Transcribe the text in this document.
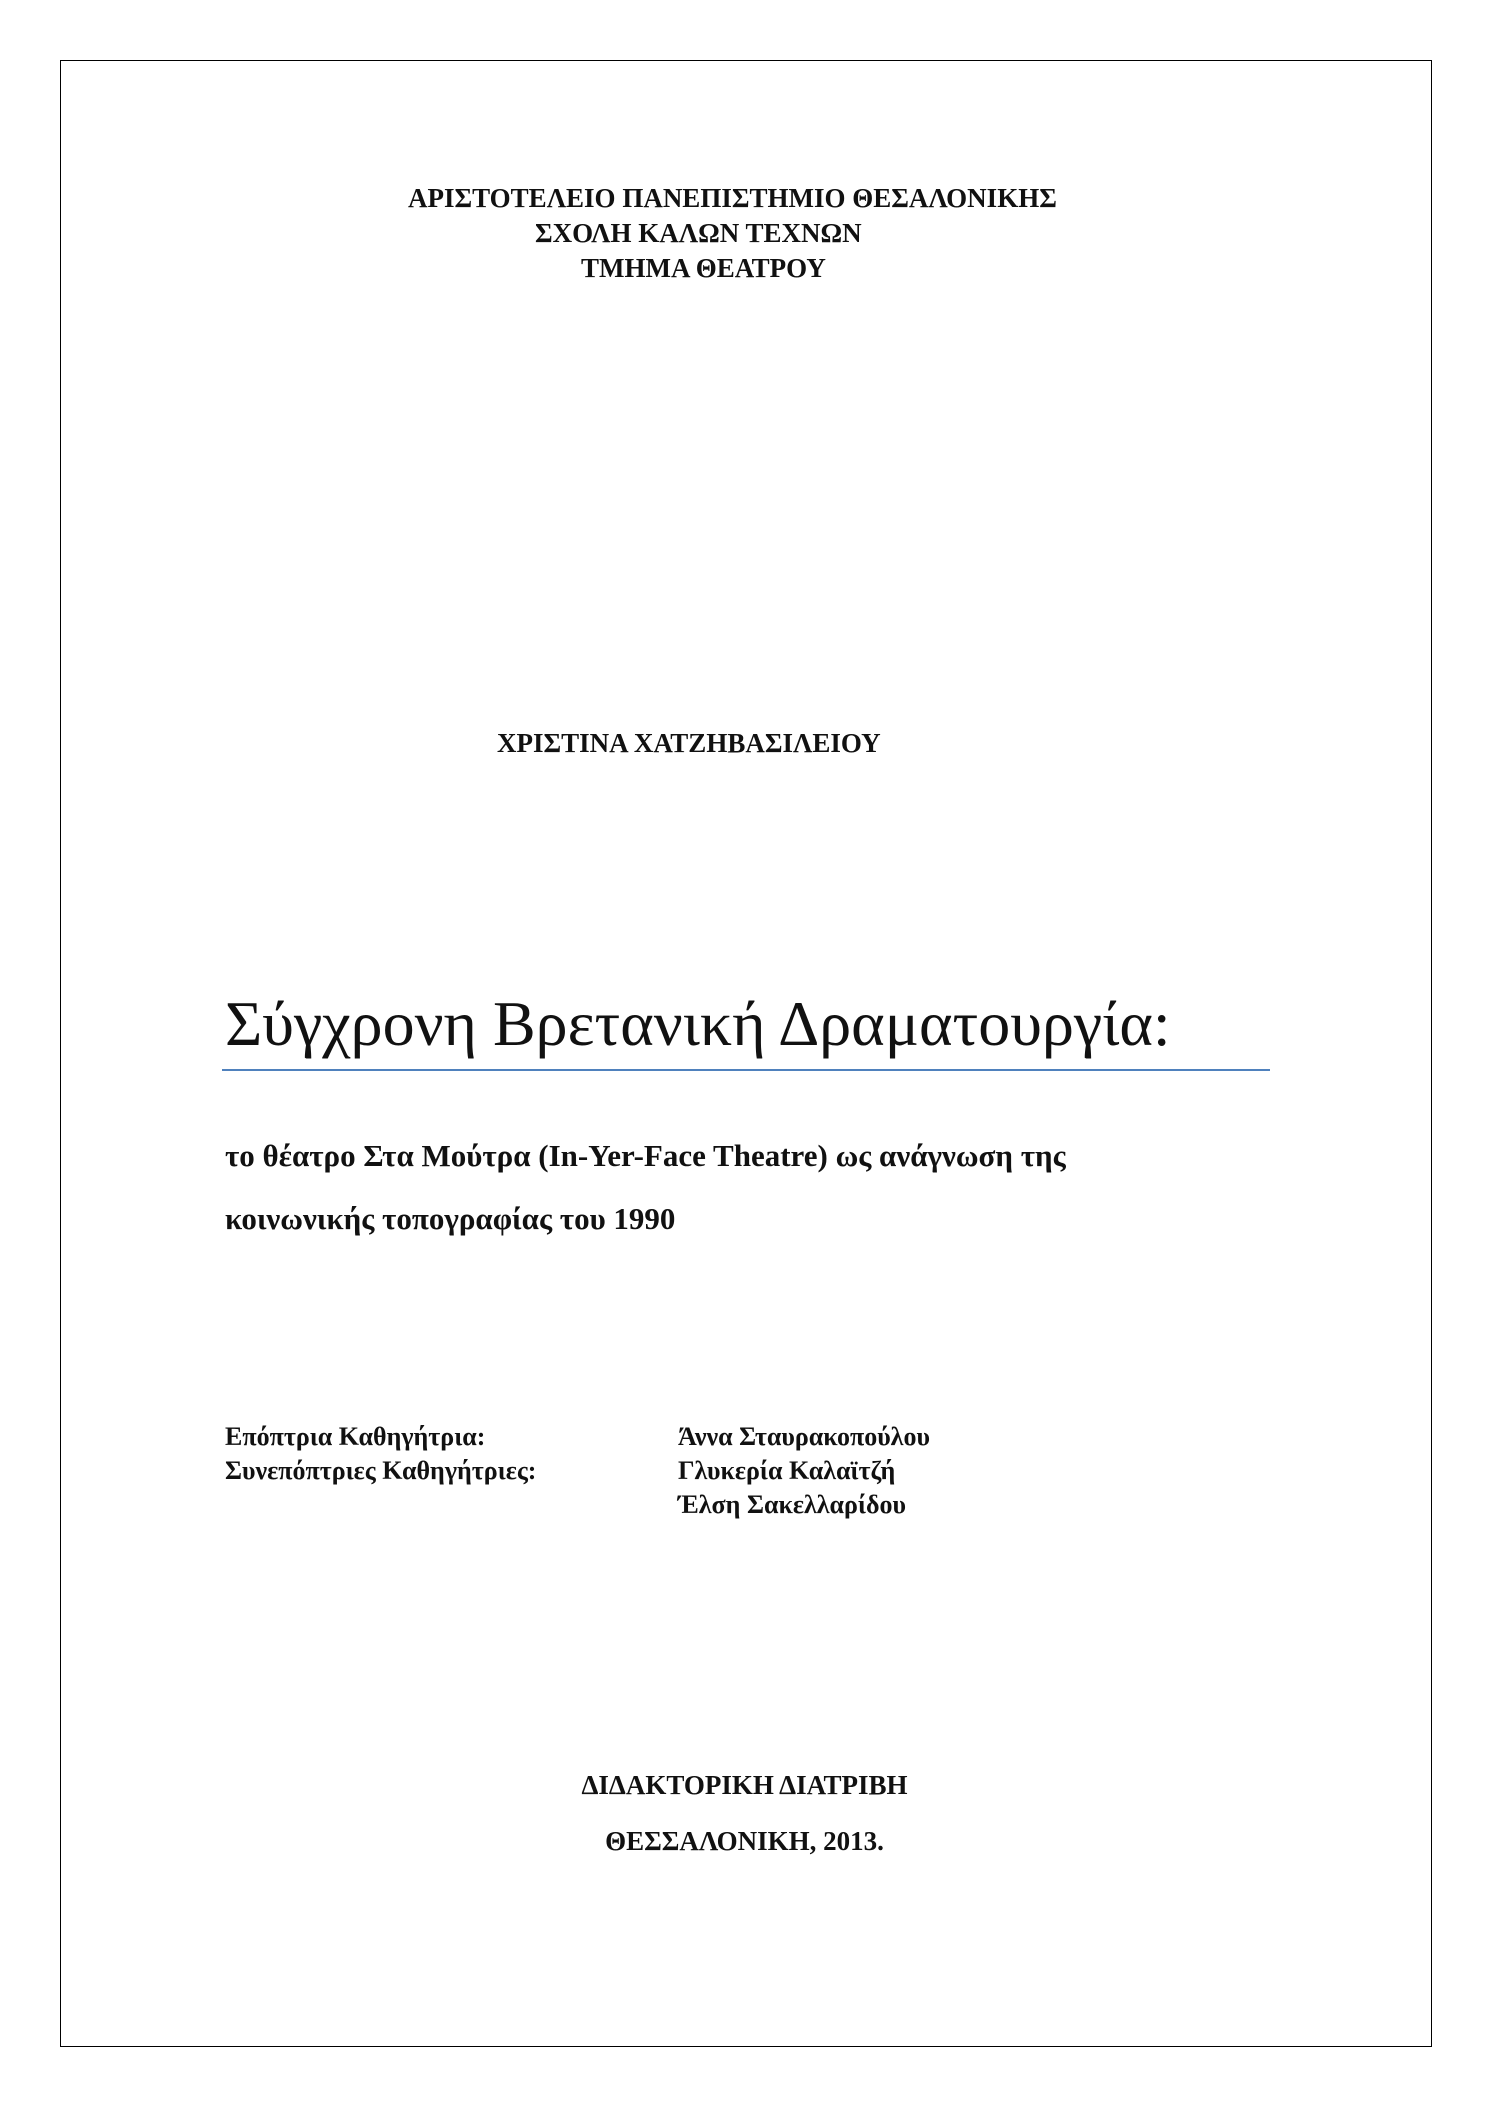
ΑΡΙΣΤΟΤΕΛΕΙΟ ΠΑΝΕΠΙΣΤΗΜΙΟ ΘΕΣΑΛΟΝΙΚΗΣ
ΣΧΟΛΗ ΚΑΛΩΝ ΤΕΧΝΩΝ
ΤΜΗΜΑ ΘΕΑΤΡΟΥ
ΧΡΙΣΤΙΝΑ ΧΑΤΖΗΒΑΣΙΛΕΙΟΥ
Σύγχρονη Βρετανική Δραματουργία:
το θέατρο Στα Μούτρα (In-Yer-Face Theatre) ως ανάγνωση της
κοινωνικής τοπογραφίας του 1990
Επόπτρια Καθηγήτρια:	Άννα Σταυρακοπούλου
Συνεπόπτριες Καθηγήτριες:	Γλυκερία Καλαϊτζή
Έλση Σακελλαρίδου
ΔΙΔΑΚΤΟΡΙΚΗ ΔΙΑΤΡΙΒΗ
ΘΕΣΣΑΛΟΝΙΚΗ, 2013.
